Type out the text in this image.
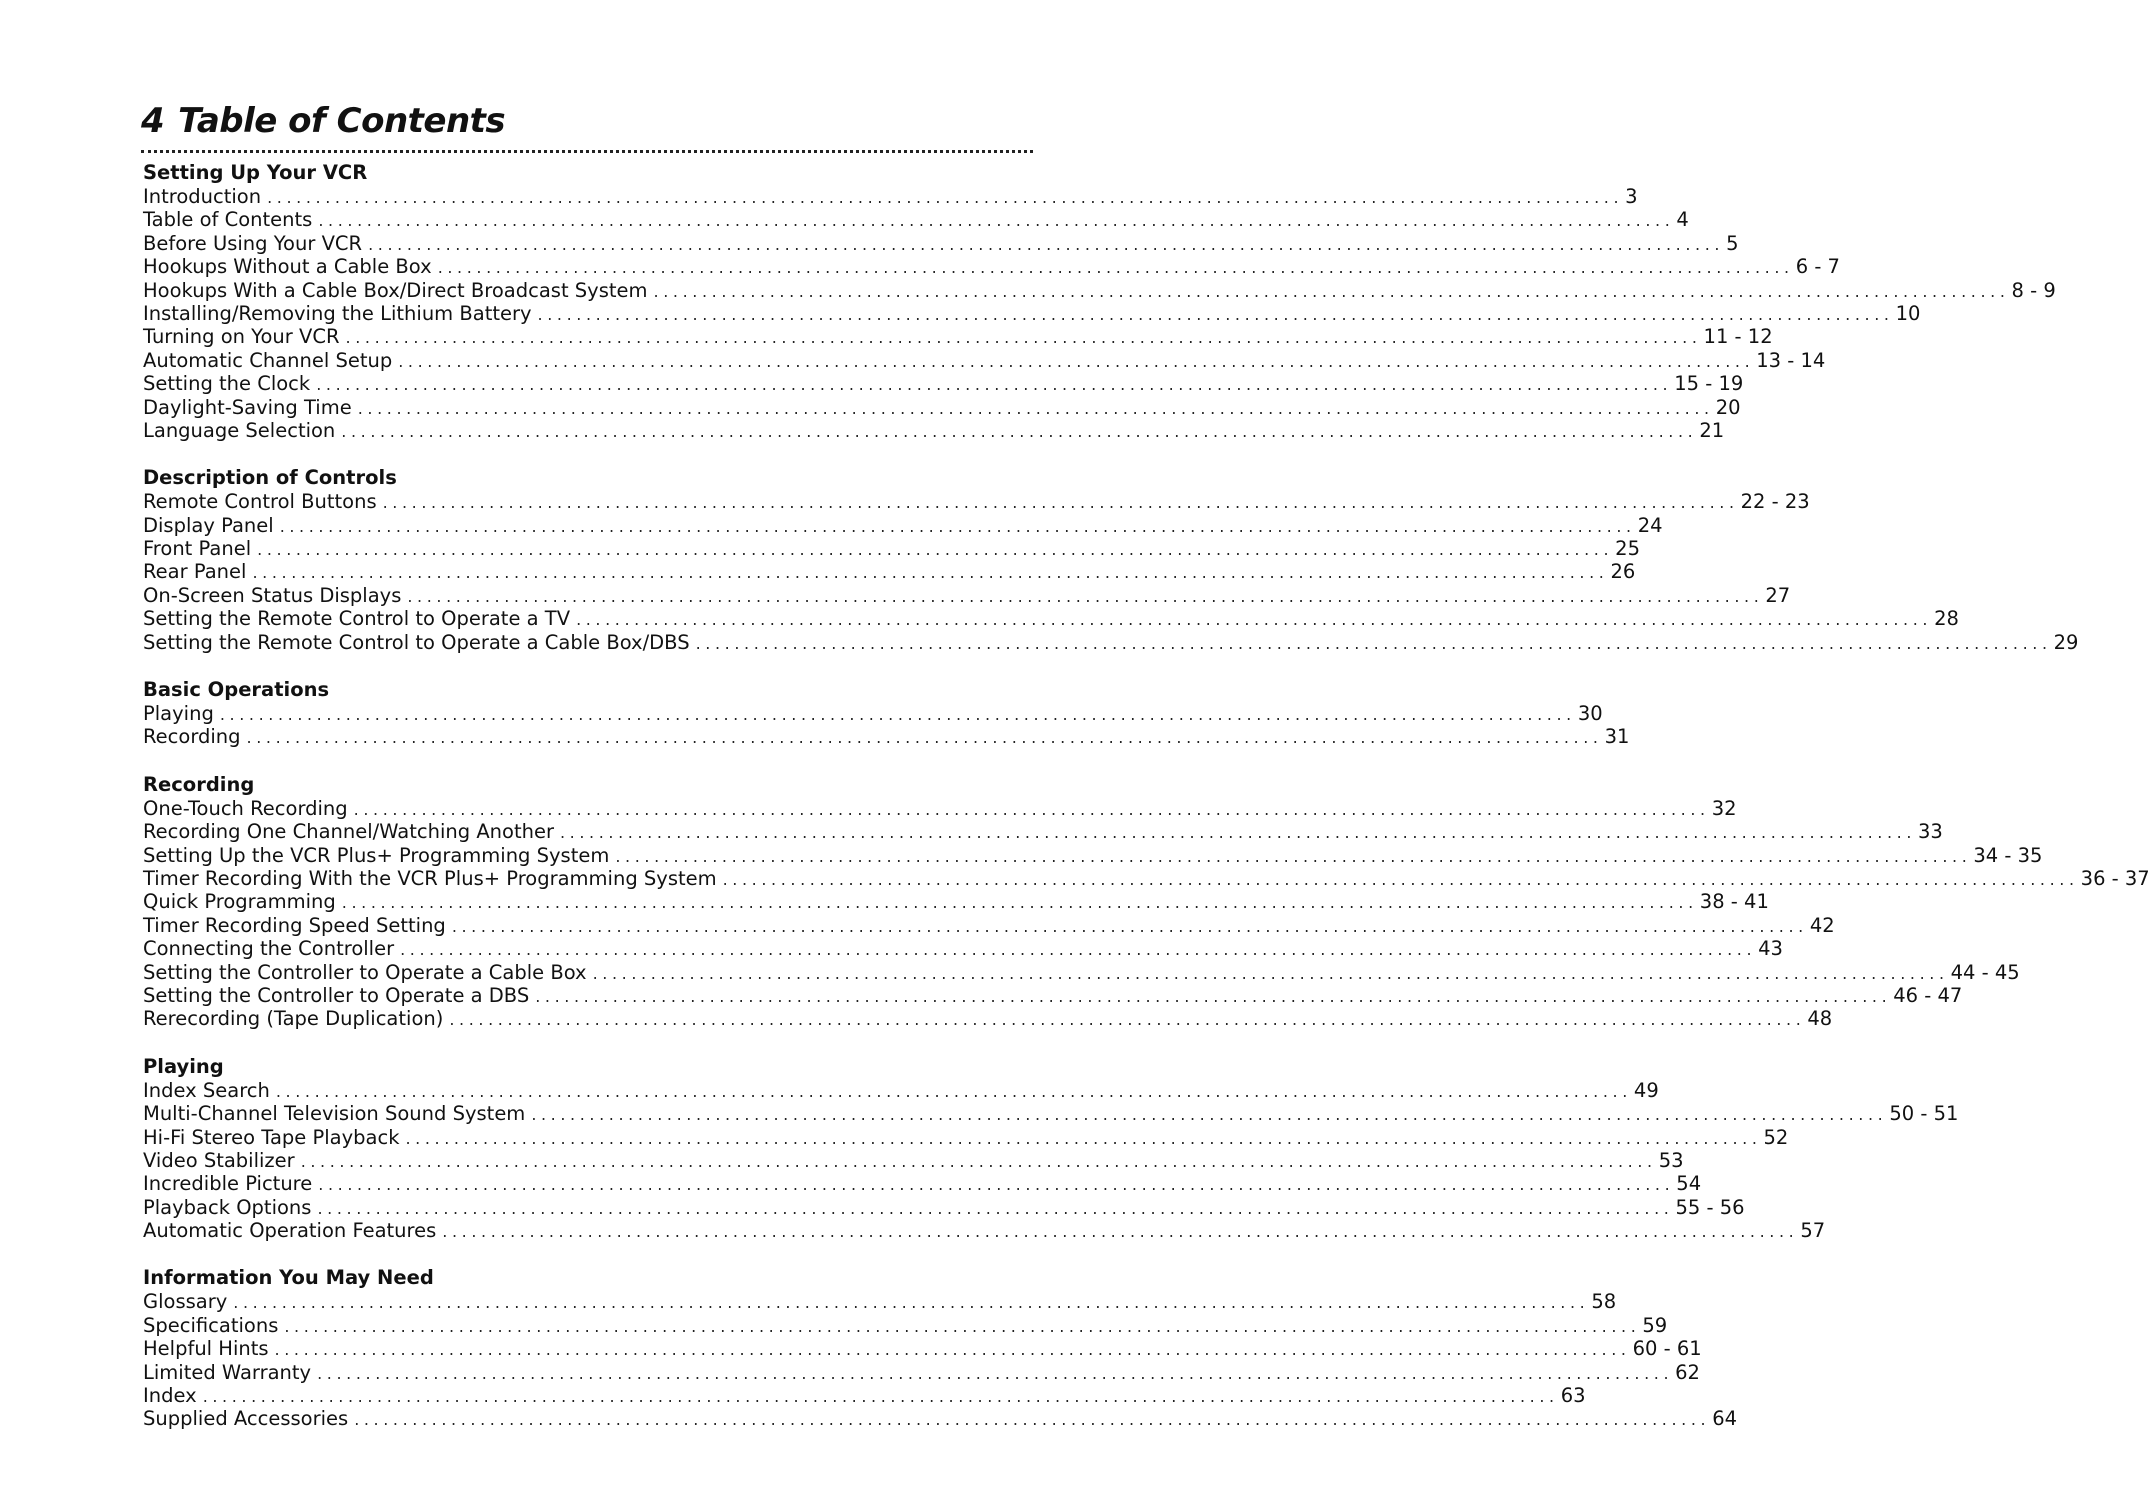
4 Table of Contents
Setting Up Your VCR
Introduction ............................................................................................................................................ 3
Table of Contents ............................................................................................................................................ 4
Before Using Your VCR ............................................................................................................................................ 5
Hookups Without a Cable Box ............................................................................................................................................ 6 - 7
Hookups With a Cable Box/Direct Broadcast System ............................................................................................................................................ 8 - 9
Installing/Removing the Lithium Battery ............................................................................................................................................ 10
Turning on Your VCR ............................................................................................................................................ 11 - 12
Automatic Channel Setup ............................................................................................................................................ 13 - 14
Setting the Clock ............................................................................................................................................ 15 - 19
Daylight-Saving Time ............................................................................................................................................ 20
Language Selection ............................................................................................................................................ 21
Description of Controls
Remote Control Buttons ............................................................................................................................................ 22 - 23
Display Panel ............................................................................................................................................ 24
Front Panel ............................................................................................................................................ 25
Rear Panel ............................................................................................................................................ 26
On-Screen Status Displays ............................................................................................................................................ 27
Setting the Remote Control to Operate a TV ............................................................................................................................................ 28
Setting the Remote Control to Operate a Cable Box/DBS ............................................................................................................................................ 29
Basic Operations
Playing ............................................................................................................................................ 30
Recording ............................................................................................................................................ 31
Recording
One-Touch Recording ............................................................................................................................................ 32
Recording One Channel/Watching Another ............................................................................................................................................ 33
Setting Up the VCR Plus+ Programming System ............................................................................................................................................ 34 - 35
Timer Recording With the VCR Plus+ Programming System ............................................................................................................................................ 36 - 37
Quick Programming ............................................................................................................................................ 38 - 41
Timer Recording Speed Setting ............................................................................................................................................ 42
Connecting the Controller ............................................................................................................................................ 43
Setting the Controller to Operate a Cable Box ............................................................................................................................................ 44 - 45
Setting the Controller to Operate a DBS ............................................................................................................................................ 46 - 47
Rerecording (Tape Duplication) ............................................................................................................................................ 48
Playing
Index Search ............................................................................................................................................ 49
Multi-Channel Television Sound System ............................................................................................................................................ 50 - 51
Hi-Fi Stereo Tape Playback ............................................................................................................................................ 52
Video Stabilizer ............................................................................................................................................ 53
Incredible Picture ............................................................................................................................................ 54
Playback Options ............................................................................................................................................ 55 - 56
Automatic Operation Features ............................................................................................................................................ 57
Information You May Need
Glossary ............................................................................................................................................ 58
Specifications ............................................................................................................................................ 59
Helpful Hints ............................................................................................................................................ 60 - 61
Limited Warranty ............................................................................................................................................ 62
Index ............................................................................................................................................ 63
Supplied Accessories ............................................................................................................................................ 64
